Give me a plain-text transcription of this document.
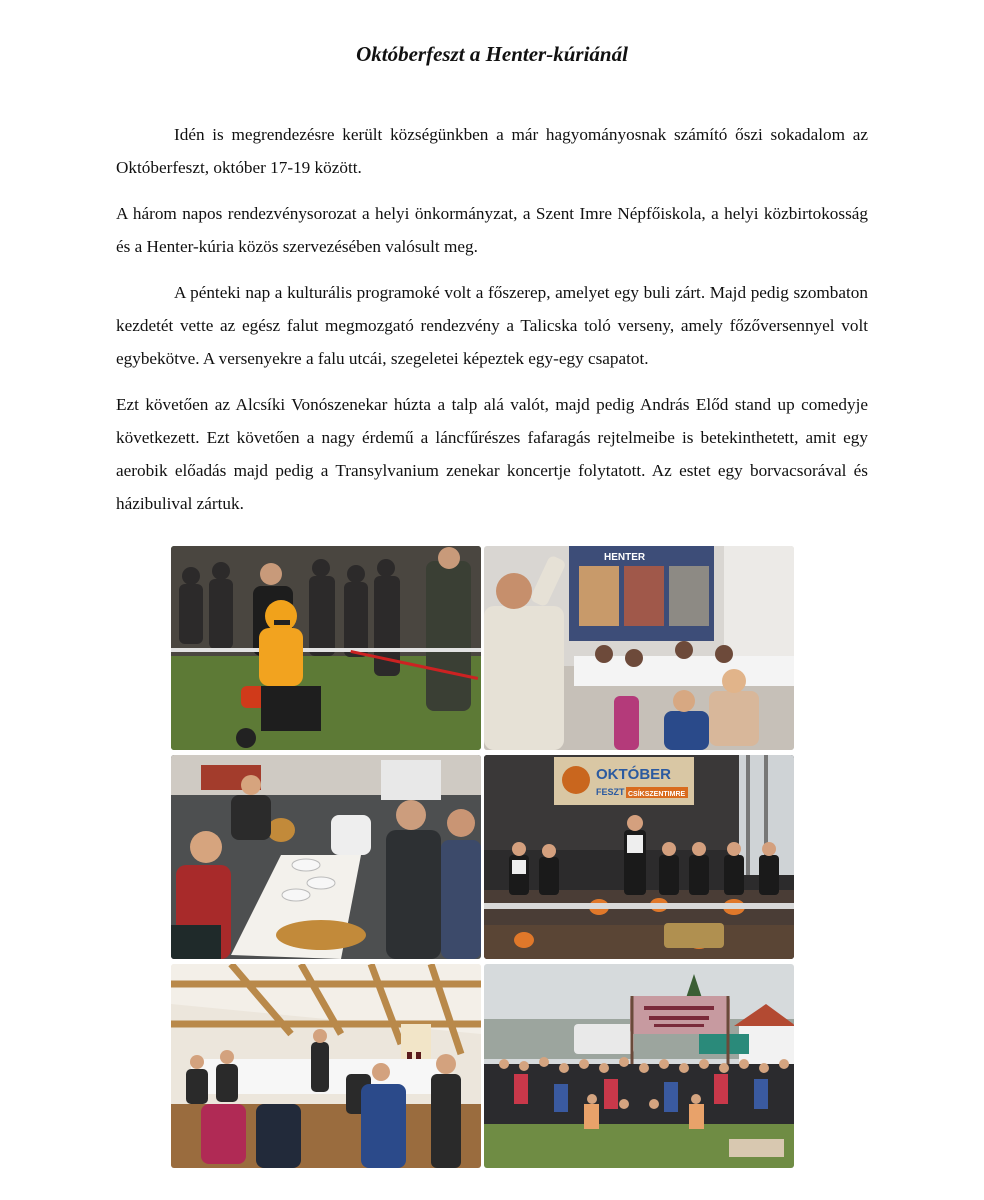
Októberfeszt a Henter-kúriánál

Idén is megrendezésre került községünkben a már hagyományosnak számító őszi sokadalom az Októberfeszt, október 17-19 között.

A három napos rendezvénysorozat a helyi önkormányzat, a Szent Imre Népfőiskola, a helyi közbirtokosság és a Henter-kúria közös szervezésében valósult meg.

A pénteki nap a kulturális programoké volt a főszerep, amelyet egy buli zárt. Majd pedig szombaton kezdetét vette az egész falut megmozgató rendezvény a Talicska toló verseny, amely főzőversennyel volt egybekötve. A versenyekre a falu utcái, szegeletei képeztek egy-egy csapatot.

Ezt követően az Alcsíki Vonószenekar húzta a talp alá valót, majd pedig András Előd stand up comedyje következett. Ezt követően a nagy érdemű a láncfűrészes fafaragás rejtelmeibe is betekinthetett, amit egy aerobik előadás majd pedig a Transylvanium zenekar koncertje folytatott. Az estet egy borvacsorával és házibulival zártuk.

HENTER
OKTÓBER
FESZT CSÍKSZENTIMRE
